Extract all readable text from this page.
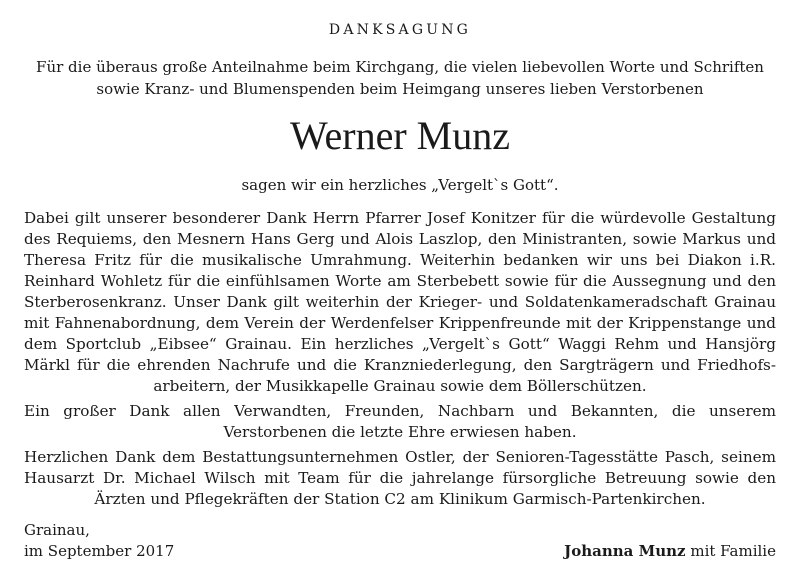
DANKSAGUNG
Für die überaus große Anteilnahme beim Kirchgang, die vielen liebevollen Worte und Schriften
sowie Kranz- und Blumenspenden beim Heimgang unseres lieben Verstorbenen
Werner Munz
sagen wir ein herzliches „Vergelt`s Gott“.

Dabei gilt unserer besonderer Dank Herrn Pfarrer Josef Konitzer für die würdevolle Gestaltung des Requiems, den Mesnern Hans Gerg und Alois Laszlop, den Ministranten, sowie Markus und Theresa Fritz für die musikalische Umrahmung. Weiterhin bedanken wir uns bei Diakon i.R. Reinhard Wohletz für die einfühlsamen Worte am Sterbebett sowie für die Aussegnung und den Sterberosenkranz. Unser Dank gilt weiterhin der Krieger- und Soldatenkameradschaft Grainau mit Fahnenabordnung, dem Verein der Werdenfelser Krippenfreunde mit der Krippenstange und dem Sportclub „Eibsee“ Grainau. Ein herzliches „Vergelt`s Gott“ Waggi Rehm und Hansjörg Märkl für die ehrenden Nachrufe und die Kranzniederlegung, den Sargträgern und Friedhofsarbeitern, der Musikkapelle Grainau sowie dem Böllerschützen.

Ein großer Dank allen Verwandten, Freunden, Nachbarn und Bekannten, die unserem Verstorbenen die letzte Ehre erwiesen haben.

Herzlichen Dank dem Bestattungsunternehmen Ostler, der Senioren-Tagesstätte Pasch, seinem Hausarzt Dr. Michael Wilsch mit Team für die jahrelange fürsorgliche Betreuung sowie den Ärzten und Pflegekräften der Station C2 am Klinikum Garmisch-Partenkirchen.

Grainau,
im September 2017	Johanna Munz mit Familie
